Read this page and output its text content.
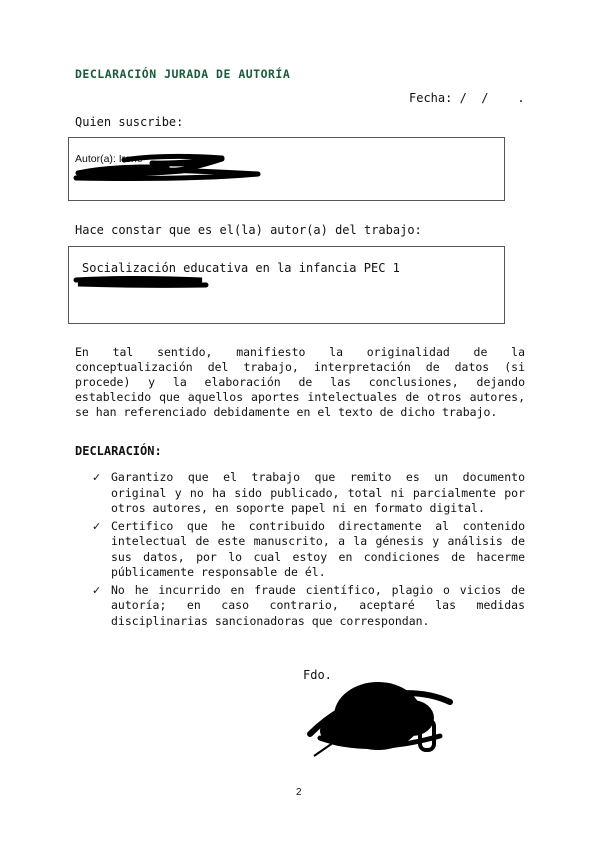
DECLARACIÓN JURADA DE AUTORÍA
Fecha: /  /    .
Quien suscribe:
Autor(a): Irene
Hace constar que es el(la) autor(a) del trabajo:
Socialización educativa en la infancia PEC 1
En tal sentido, manifiesto la originalidad de la conceptualización del trabajo, interpretación de datos (si procede) y la elaboración de las conclusiones, dejando establecido que aquellos aportes intelectuales de otros autores, se han referenciado debidamente en el texto de dicho trabajo.
DECLARACIÓN:
✓ Garantizo que el trabajo que remito es un documento original y no ha sido publicado, total ni parcialmente por otros autores, en soporte papel ni en formato digital.
✓ Certifico que he contribuido directamente al contenido intelectual de este manuscrito, a la génesis y análisis de sus datos, por lo cual estoy en condiciones de hacerme públicamente responsable de él.
✓ No he incurrido en fraude científico, plagio o vicios de autoría; en caso contrario, aceptaré las medidas disciplinarias sancionadoras que correspondan.
Fdo.
2
